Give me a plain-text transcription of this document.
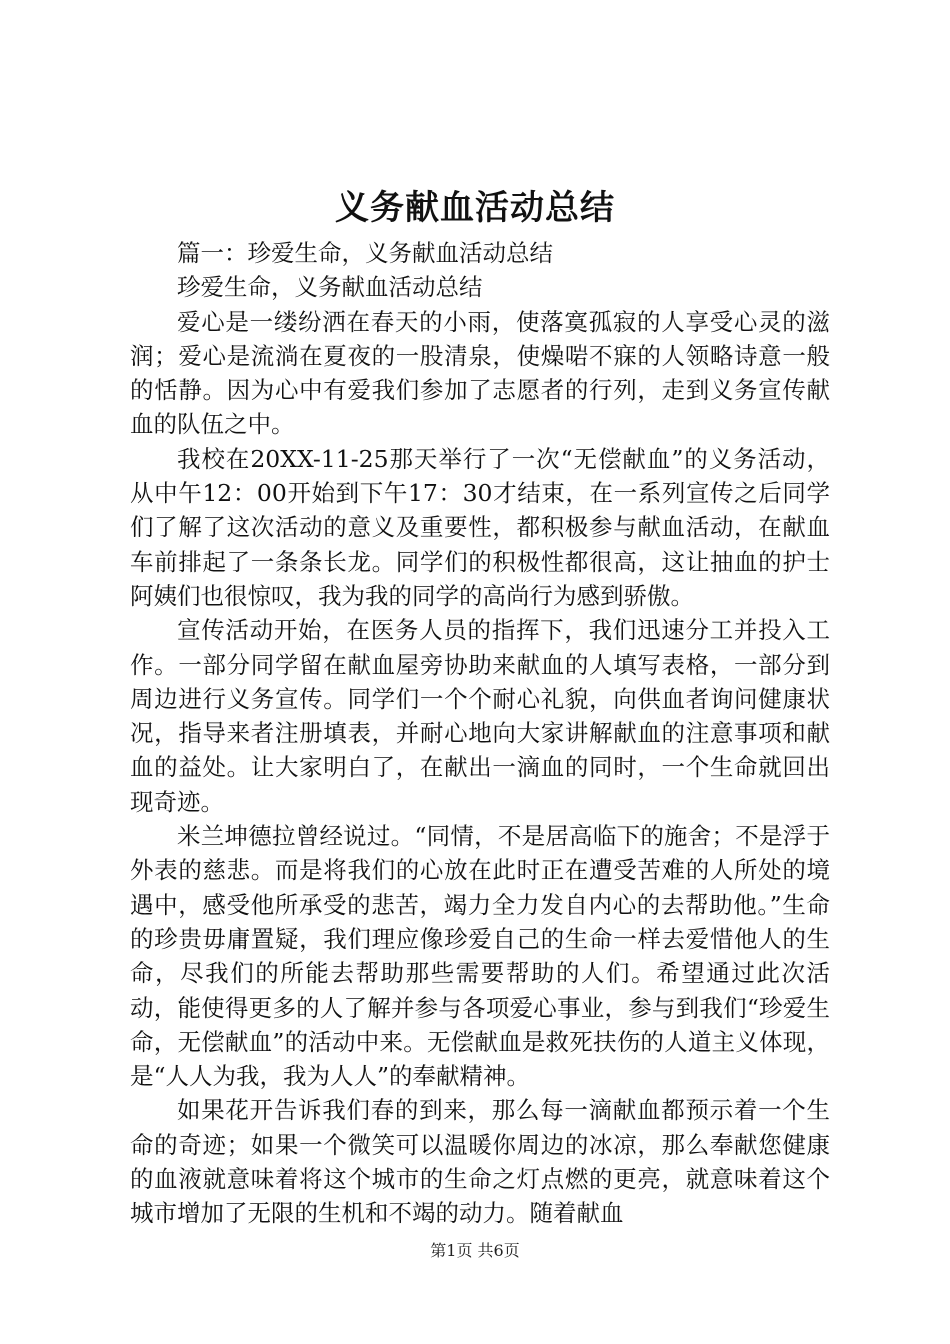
义务献血活动总结

篇一：珍爱生命，义务献血活动总结

珍爱生命，义务献血活动总结

爱心是一缕纷洒在春天的小雨，使落寞孤寂的人享受心灵的滋润；爱心是流淌在夏夜的一股清泉，使燥啱不寐的人领略诗意一般的恬静。因为心中有爱我们参加了志愿者的行列，走到义务宣传献血的队伍之中。

我校在20XX-11-25那天举行了一次“无偿献血”的义务活动，从中午12：00开始到下午17：30才结束，在一系列宣传之后同学们了解了这次活动的意义及重要性，都积极参与献血活动，在献血车前排起了一条条长龙。同学们的积极性都很高，这让抽血的护士阿姨们也很惊叹，我为我的同学的高尚行为感到骄傲。

宣传活动开始，在医务人员的指挥下，我们迅速分工并投入工作。一部分同学留在献血屋旁协助来献血的人填写表格，一部分到周边进行义务宣传。同学们一个个耐心礼貌，向供血者询问健康状况，指导来者注册填表，并耐心地向大家讲解献血的注意事项和献血的益处。让大家明白了，在献出一滴血的同时，一个生命就回出现奇迹。

米兰坤德拉曾经说过。“同情，不是居高临下的施舍；不是浮于外表的慈悲。而是将我们的心放在此时正在遭受苦难的人所处的境遇中，感受他所承受的悲苦，竭力全力发自内心的去帮助他。”生命的珍贵毋庸置疑，我们理应像珍爱自己的生命一样去爱惜他人的生命，尽我们的所能去帮助那些需要帮助的人们。希望通过此次活动，能使得更多的人了解并参与各项爱心事业，参与到我们“珍爱生命，无偿献血”的活动中来。无偿献血是救死扶伤的人道主义体现，是“人人为我，我为人人”的奉献精神。

如果花开告诉我们春的到来，那么每一滴献血都预示着一个生命的奇迹；如果一个微笑可以温暖你周边的冰凉，那么奉献您健康的血液就意味着将这个城市的生命之灯点燃的更亮，就意味着这个城市增加了无限的生机和不竭的动力。随着献血

第1页 共6页
